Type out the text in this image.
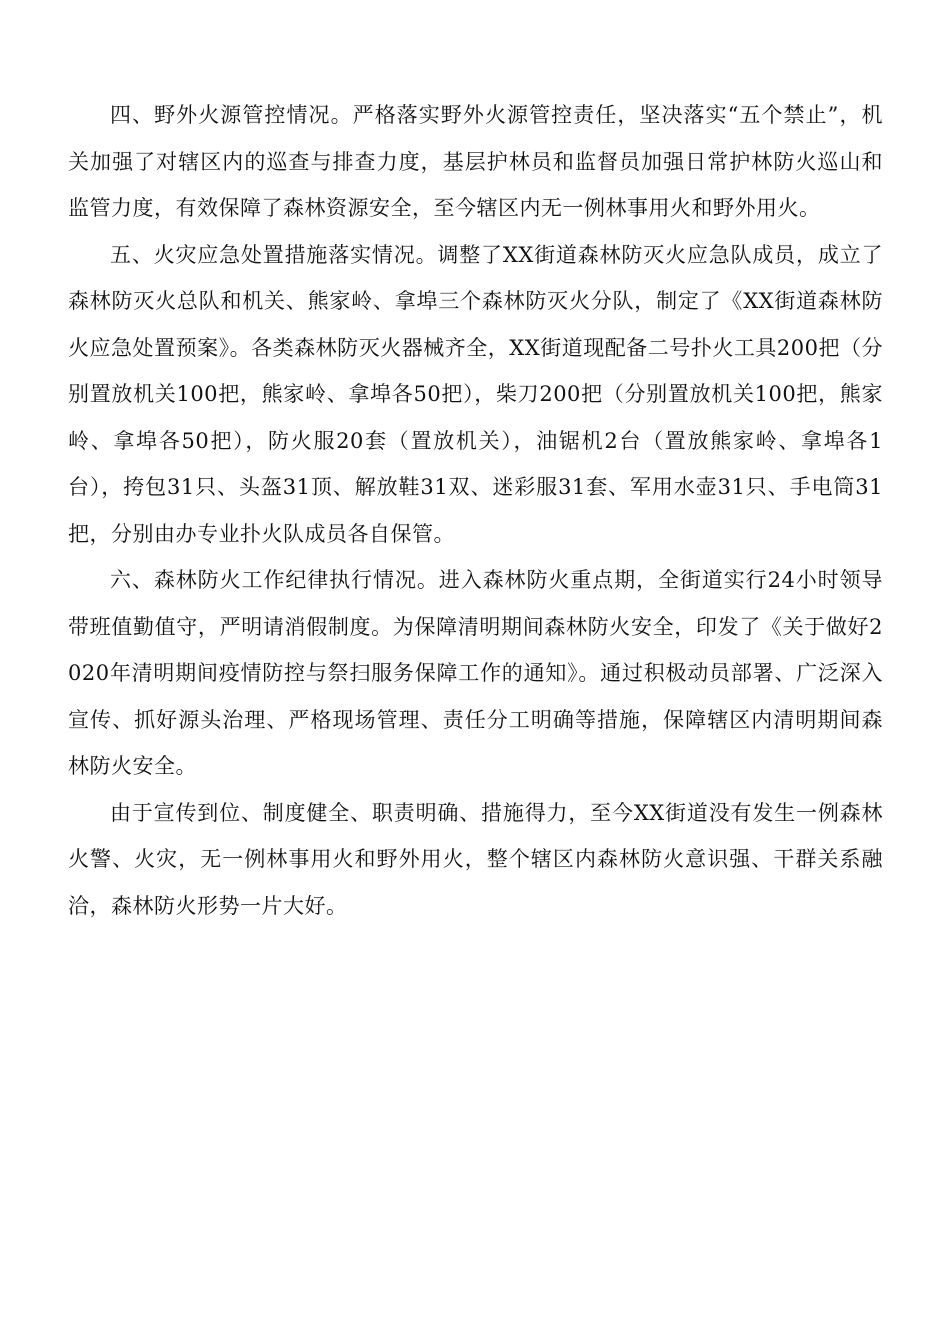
四、野外火源管控情况。严格落实野外火源管控责任，坚决落实“五个禁止”，机关加强了对辖区内的巡查与排查力度，基层护林员和监督员加强日常护林防火巡山和监管力度，有效保障了森林资源安全，至今辖区内无一例林事用火和野外用火。

五、火灾应急处置措施落实情况。调整了XX街道森林防灭火应急队成员，成立了森林防灭火总队和机关、熊家岭、拿埠三个森林防灭火分队，制定了《XX街道森林防火应急处置预案》。各类森林防灭火器械齐全，XX街道现配备二号扑火工具200把（分别置放机关100把，熊家岭、拿埠各50把），柴刀200把（分别置放机关100把，熊家岭、拿埠各50把），防火服20套（置放机关），油锯机2台（置放熊家岭、拿埠各1台），挎包31只、头盔31顶、解放鞋31双、迷彩服31套、军用水壶31只、手电筒31把，分别由办专业扑火队成员各自保管。

六、森林防火工作纪律执行情况。进入森林防火重点期，全街道实行24小时领导带班值勤值守，严明请消假制度。为保障清明期间森林防火安全，印发了《关于做好2020年清明期间疫情防控与祭扫服务保障工作的通知》。通过积极动员部署、广泛深入宣传、抓好源头治理、严格现场管理、责任分工明确等措施，保障辖区内清明期间森林防火安全。

由于宣传到位、制度健全、职责明确、措施得力，至今XX街道没有发生一例森林火警、火灾，无一例林事用火和野外用火，整个辖区内森林防火意识强、干群关系融洽，森林防火形势一片大好。
